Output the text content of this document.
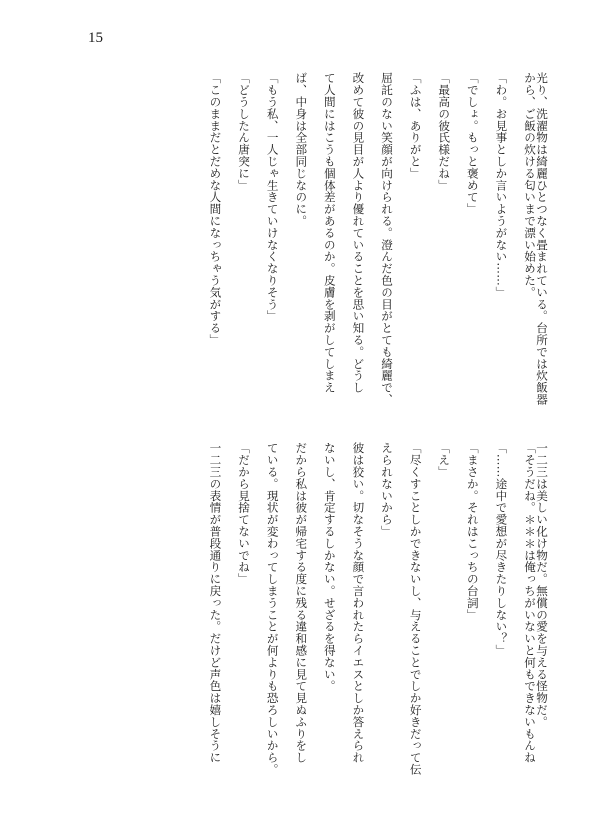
15
光り、洗濯物は綺麗ひとつなく畳まれている。台所では炊飯器
から、ご飯の炊ける匂いまで漂い始めた。
「わ。お見事としか言いようがない……」
「でしょ。もっと褒めて」
「最高の彼氏様だね」
「ふは、ありがと」
屈託のない笑顔が向けられる。澄んだ色の目がとても綺麗で、
改めて彼の見目が人より優れていることを思い知る。どうし
て人間にはこうも個体差があるのか。皮膚を剥がしてしまえ
ば、中身は全部同じなのに。
「もう私、一人じゃ生きていけなくなりそう」
「どうしたん唐突に」
「このままだとだめな人間になっちゃう気がする」
一二三は美しい化け物だ。無償の愛を与える怪物だ。
「そうだね。＊＊＊は俺っちがいないと何もできないもんね
「……途中で愛想が尽きたりしない？」
「まさか。それはこっちの台詞」
「え」
「尽くすことしかできないし、与えることでしか好きだって伝
えられないから」
彼は狡い。切なそうな顔で言われたらイエスとしか答えられ
ないし、肯定するしかない。せざるを得ない。
だから私は彼が帰宅する度に残る違和感に見て見ぬふりをし
ている。現状が変わってしまうことが何よりも恐ろしいから。
「だから見捨てないでね」
一二三の表情が普段通りに戻った。だけど声色は嬉しそうに
